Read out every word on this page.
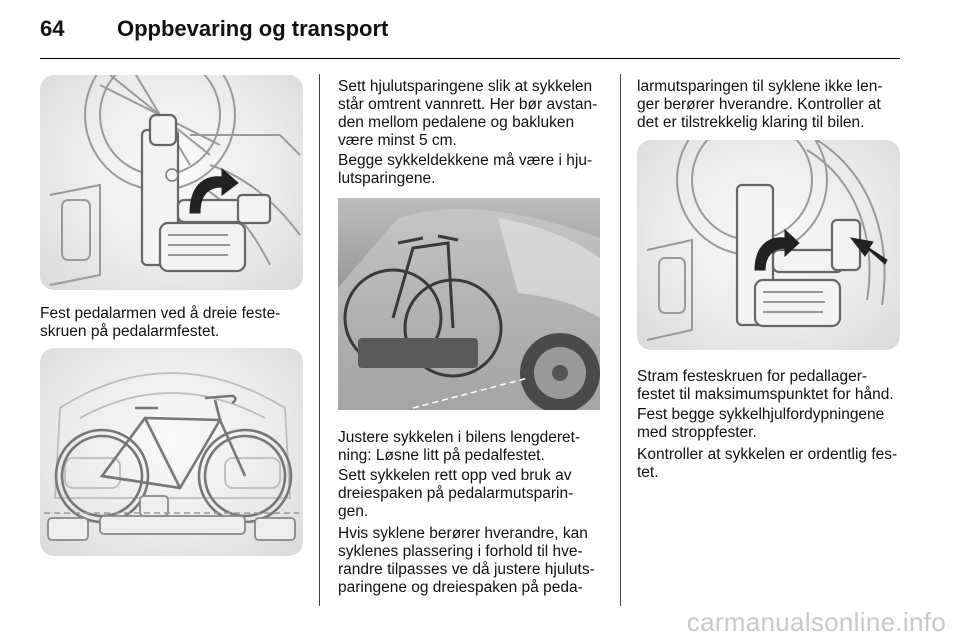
64 Oppbevaring og transport

Fest pedalarmen ved å dreie feste-
skruen på pedalarmfestet.

Sett hjulutsparingene slik at sykkelen
står omtrent vannrett. Her bør avstan-
den mellom pedalene og bakluken
være minst 5 cm.

Begge sykkeldekkene må være i hju-
lutsparingene.

Justere sykkelen i bilens lengderet-
ning: Løsne litt på pedalfestet.

Sett sykkelen rett opp ved bruk av
dreiespaken på pedalarmutsparin-
gen.

Hvis syklene berører hverandre, kan
syklenes plassering i forhold til hve-
randre tilpasses ve då justere hjuluts-
paringene og dreiespaken på peda-

larmutsparingen til syklene ikke len-
ger berører hverandre. Kontroller at
det er tilstrekkelig klaring til bilen.

Stram festeskruen for pedallager-
festet til maksimumspunktet for hånd.

Fest begge sykkelhjulfordypningene
med stroppfester.

Kontroller at sykkelen er ordentlig fes-
tet.

carmanualsonline.info
